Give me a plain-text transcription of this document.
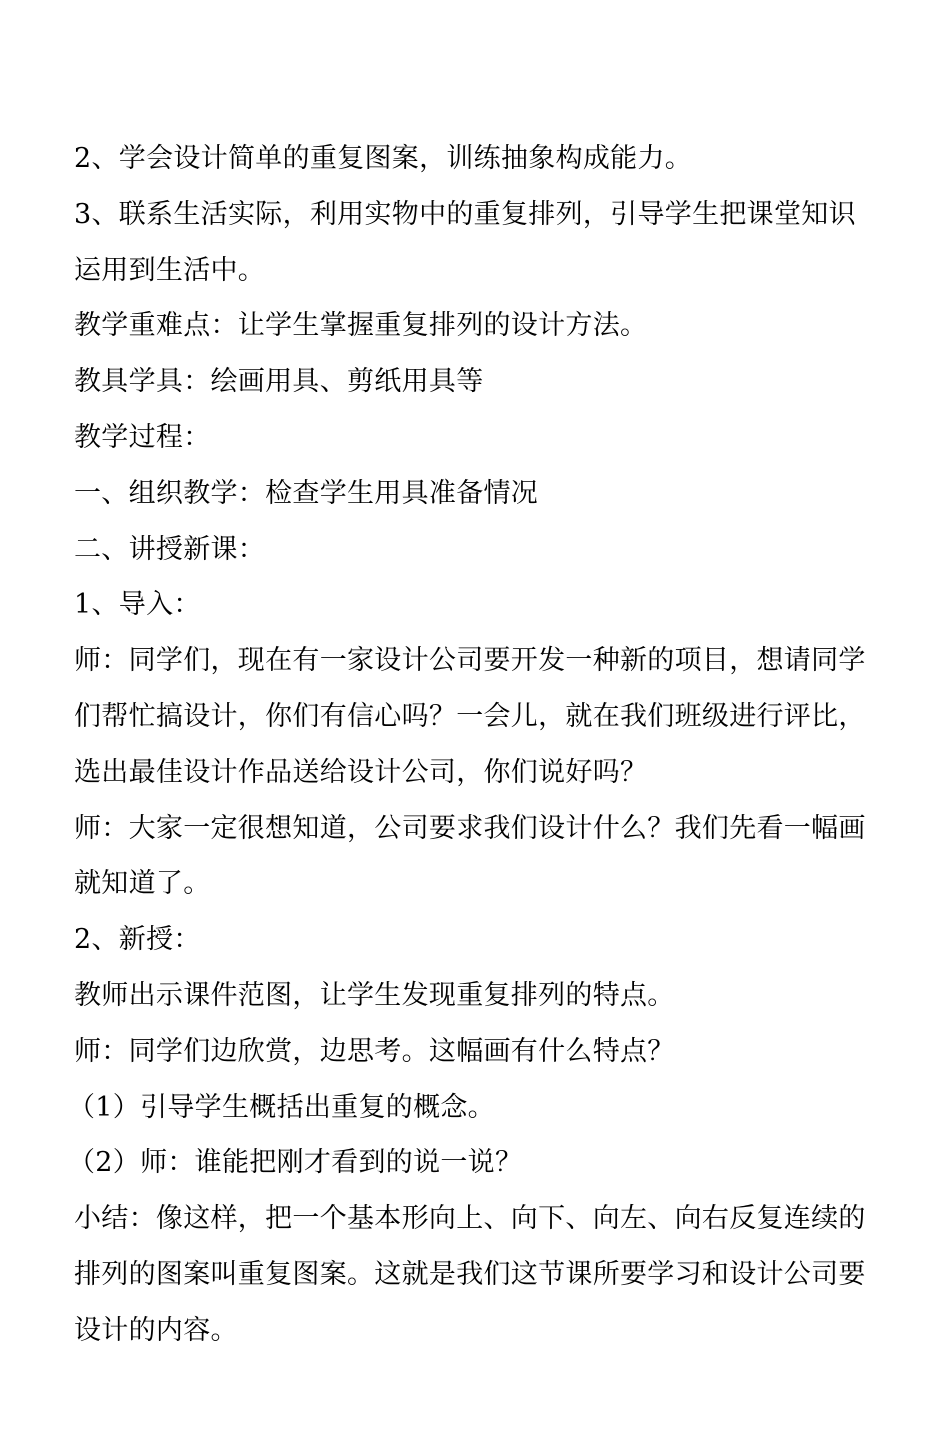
2、学会设计简单的重复图案，训练抽象构成能力。

3、联系生活实际，利用实物中的重复排列，引导学生把课堂知识运用到生活中。

教学重难点：让学生掌握重复排列的设计方法。

教具学具：绘画用具、剪纸用具等

教学过程：

一、组织教学：检查学生用具准备情况

二、讲授新课：

1、导入：

师：同学们，现在有一家设计公司要开发一种新的项目，想请同学们帮忙搞设计，你们有信心吗？一会儿，就在我们班级进行评比，选出最佳设计作品送给设计公司，你们说好吗？

师：大家一定很想知道，公司要求我们设计什么？我们先看一幅画就知道了。

2、新授：

教师出示课件范图，让学生发现重复排列的特点。

师：同学们边欣赏，边思考。这幅画有什么特点？

（1）引导学生概括出重复的概念。

（2）师：谁能把刚才看到的说一说？

小结：像这样，把一个基本形向上、向下、向左、向右反复连续的排列的图案叫重复图案。这就是我们这节课所要学习和设计公司要设计的内容。
